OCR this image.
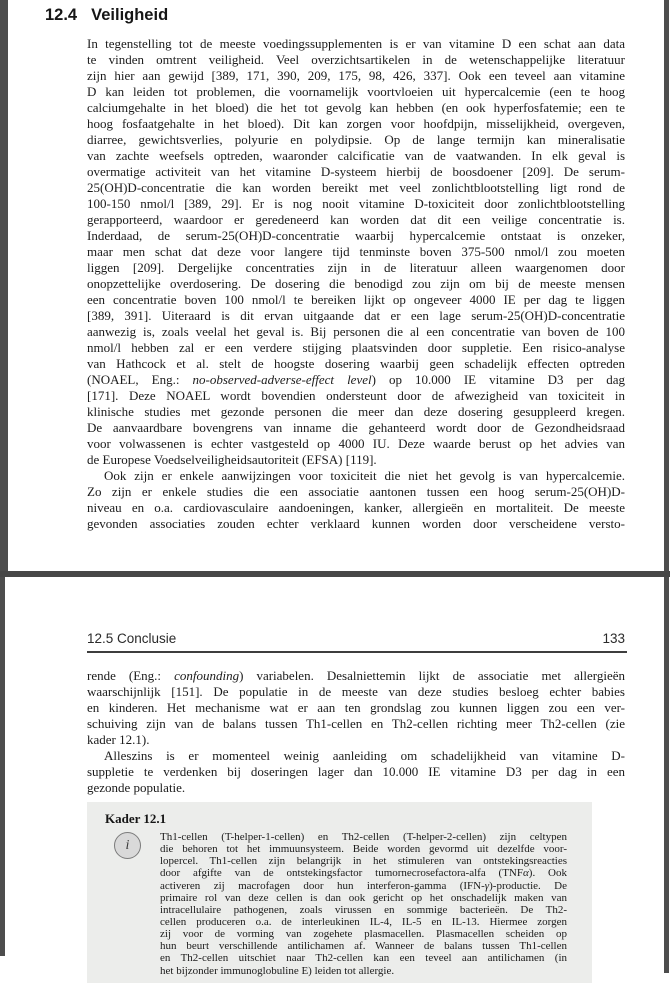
12.4 Veiligheid
In tegenstelling tot de meeste voedingssupplementen is er van vitamine D een schat aan data
te vinden omtrent veiligheid. Veel overzichtsartikelen in de wetenschappelijke literatuur
zijn hier aan gewijd [389, 171, 390, 209, 175, 98, 426, 337]. Ook een teveel aan vitamine
D kan leiden tot problemen, die voornamelijk voortvloeien uit hypercalcemie (een te hoog
calciumgehalte in het bloed) die het tot gevolg kan hebben (en ook hyperfosfatemie; een te
hoog fosfaatgehalte in het bloed). Dit kan zorgen voor hoofdpijn, misselijkheid, overgeven,
diarree, gewichtsverlies, polyurie en polydipsie. Op de lange termijn kan mineralisatie
van zachte weefsels optreden, waaronder calcificatie van de vaatwanden. In elk geval is
overmatige activiteit van het vitamine D-systeem hierbij de boosdoener [209]. De serum-
25(OH)D-concentratie die kan worden bereikt met veel zonlichtblootstelling ligt rond de
100-150 nmol/l [389, 29]. Er is nog nooit vitamine D-toxiciteit door zonlichtblootstelling
gerapporteerd, waardoor er geredeneerd kan worden dat dit een veilige concentratie is.
Inderdaad, de serum-25(OH)D-concentratie waarbij hypercalcemie ontstaat is onzeker,
maar men schat dat deze voor langere tijd tenminste boven 375-500 nmol/l zou moeten
liggen [209]. Dergelijke concentraties zijn in de literatuur alleen waargenomen door
onopzettelijke overdosering. De dosering die benodigd zou zijn om bij de meeste mensen
een concentratie boven 100 nmol/l te bereiken lijkt op ongeveer 4000 IE per dag te liggen
[389, 391]. Uiteraard is dit ervan uitgaande dat er een lage serum-25(OH)D-concentratie
aanwezig is, zoals veelal het geval is. Bij personen die al een concentratie van boven de 100
nmol/l hebben zal er een verdere stijging plaatsvinden door suppletie. Een risico-analyse
van Hathcock et al. stelt de hoogste dosering waarbij geen schadelijk effecten optreden
(NOAEL, Eng.: no-observed-adverse-effect level) op 10.000 IE vitamine D3 per dag
[171]. Deze NOAEL wordt bovendien ondersteunt door de afwezigheid van toxiciteit in
klinische studies met gezonde personen die meer dan deze dosering gesuppleerd kregen.
De aanvaardbare bovengrens van inname die gehanteerd wordt door de Gezondheidsraad
voor volwassenen is echter vastgesteld op 4000 IU. Deze waarde berust op het advies van
de Europese Voedselveiligheidsautoriteit (EFSA) [119].
Ook zijn er enkele aanwijzingen voor toxiciteit die niet het gevolg is van hypercalcemie.
Zo zijn er enkele studies die een associatie aantonen tussen een hoog serum-25(OH)D-
niveau en o.a. cardiovasculaire aandoeningen, kanker, allergieën en mortaliteit. De meeste
gevonden associaties zouden echter verklaard kunnen worden door verscheidene versto-
12.5 Conclusie	133
rende (Eng.: confounding) variabelen. Desalniettemin lijkt de associatie met allergieën
waarschijnlijk [151]. De populatie in de meeste van deze studies besloeg echter babies
en kinderen. Het mechanisme wat er aan ten grondslag zou kunnen liggen zou een ver-
schuiving zijn van de balans tussen Th1-cellen en Th2-cellen richting meer Th2-cellen (zie
kader 12.1).
Alleszins is er momenteel weinig aanleiding om schadelijkheid van vitamine D-
suppletie te verdenken bij doseringen lager dan 10.000 IE vitamine D3 per dag in een
gezonde populatie.
Kader 12.1
i
Th1-cellen (T-helper-1-cellen) en Th2-cellen (T-helper-2-cellen) zijn celtypen
die behoren tot het immuunsysteem. Beide worden gevormd uit dezelfde voor-
lopercel. Th1-cellen zijn belangrijk in het stimuleren van ontstekingsreacties
door afgifte van de ontstekingsfactor tumornecrosefactora-alfa (TNFα). Ook
activeren zij macrofagen door hun interferon-gamma (IFN-γ)-productie. De
primaire rol van deze cellen is dan ook gericht op het onschadelijk maken van
intracellulaire pathogenen, zoals virussen en sommige bacterieën. De Th2-
cellen produceren o.a. de interleukinen IL-4, IL-5 en IL-13. Hiermee zorgen
zij voor de vorming van zogehete plasmacellen. Plasmacellen scheiden op
hun beurt verschillende antilichamen af. Wanneer de balans tussen Th1-cellen
en Th2-cellen uitschiet naar Th2-cellen kan een teveel aan antilichamen (in
het bijzonder immunoglobuline E) leiden tot allergie.
